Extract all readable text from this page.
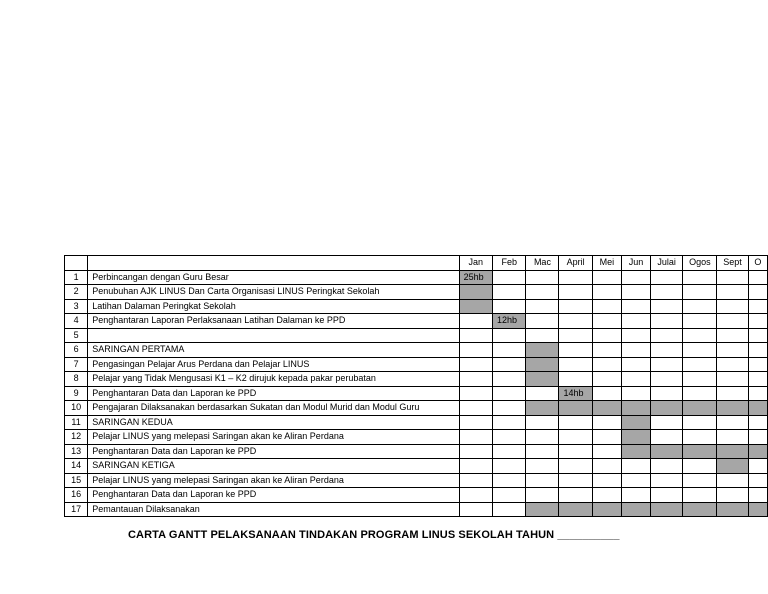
		Jan	Feb	Mac	April	Mei	Jun	Julai	Ogos	Sept	O
1	Perbincangan dengan Guru Besar	25hb									
2	Penubuhan AJK LINUS Dan Carta Organisasi LINUS Peringkat Sekolah										
3	Latihan Dalaman Peringkat Sekolah										
4	Penghantaran Laporan Perlaksanaan Latihan Dalaman ke PPD		12hb								
5											
6	SARINGAN PERTAMA										
7	Pengasingan Pelajar Arus Perdana dan Pelajar LINUS										
8	Pelajar yang Tidak Mengusasi K1 – K2 dirujuk kepada pakar perubatan										
9	Penghantaran Data dan Laporan ke PPD				14hb						
10	Pengajaran Dilaksanakan berdasarkan Sukatan dan Modul Murid dan Modul Guru										
11	SARINGAN KEDUA										
12	Pelajar LINUS yang melepasi Saringan akan ke Aliran Perdana										
13	Penghantaran Data dan Laporan ke PPD										
14	SARINGAN KETIGA										
15	Pelajar LINUS yang melepasi Saringan akan ke Aliran Perdana										
16	Penghantaran Data dan Laporan ke PPD										
17	Pemantauan Dilaksanakan										
CARTA GANTT PELAKSANAAN TINDAKAN PROGRAM LINUS SEKOLAH TAHUN __________
